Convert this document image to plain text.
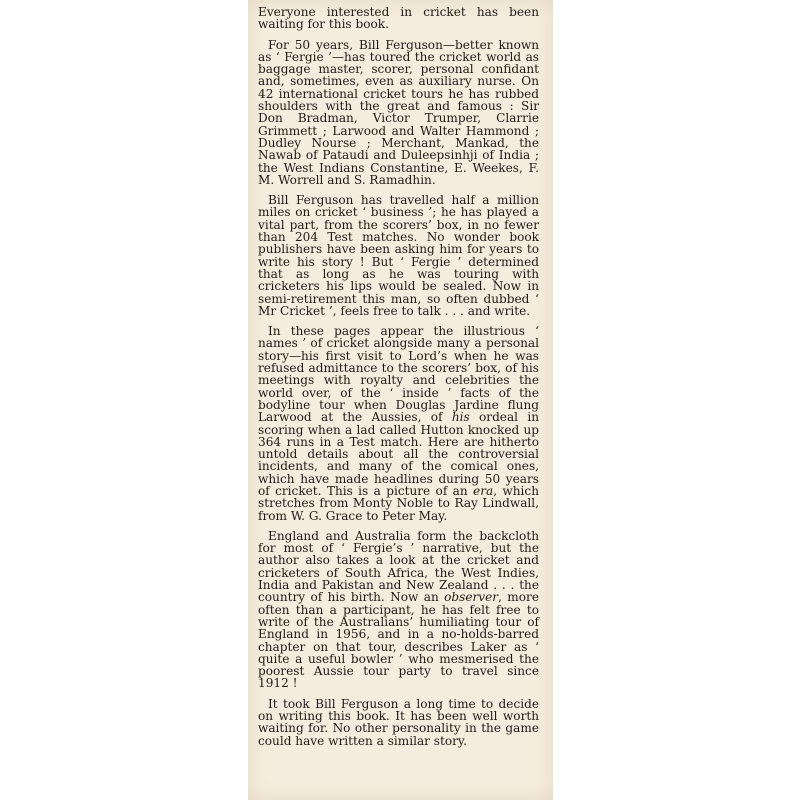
Everyone interested in cricket has been waiting for this book.

For 50 years, Bill Ferguson—better known as ‘ Fergie ’—has toured the cricket world as baggage master, scorer, personal confidant and, sometimes, even as auxiliary nurse. On 42 international cricket tours he has rubbed shoulders with the great and famous : Sir Don Bradman, Victor Trumper, Clarrie Grimmett ; Larwood and Walter Hammond ; Dudley Nourse ; Merchant, Mankad, the Nawab of Pataudi and Duleepsinhji of India ; the West Indians Constantine, E. Weekes, F. M. Worrell and S. Ramadhin.

Bill Ferguson has travelled half a million miles on cricket ‘ business ’; he has played a vital part, from the scorers’ box, in no fewer than 204 Test matches. No wonder book publishers have been asking him for years to write his story ! But ‘ Fergie ’ determined that as long as he was touring with cricketers his lips would be sealed. Now in semi-retirement this man, so often dubbed ‘ Mr Cricket ’, feels free to talk . . . and write.

In these pages appear the illustrious ‘ names ’ of cricket alongside many a personal story—his first visit to Lord’s when he was refused admittance to the scorers’ box, of his meetings with royalty and celebrities the world over, of the ‘ inside ’ facts of the bodyline tour when Douglas Jardine flung Larwood at the Aussies, of his ordeal in scoring when a lad called Hutton knocked up 364 runs in a Test match. Here are hitherto untold details about all the controversial incidents, and many of the comical ones, which have made headlines during 50 years of cricket. This is a picture of an era, which stretches from Monty Noble to Ray Lindwall, from W. G. Grace to Peter May.

England and Australia form the backcloth for most of ‘ Fergie’s ’ narrative, but the author also takes a look at the cricket and cricketers of South Africa, the West Indies, India and Pakistan and New Zealand . . . the country of his birth. Now an observer, more often than a participant, he has felt free to write of the Australians’ humiliating tour of England in 1956, and in a no-holds-barred chapter on that tour, describes Laker as ‘ quite a useful bowler ’ who mesmerised the poorest Aussie tour party to travel since 1912 !

It took Bill Ferguson a long time to decide on writing this book. It has been well worth waiting for. No other personality in the game could have written a similar story.
